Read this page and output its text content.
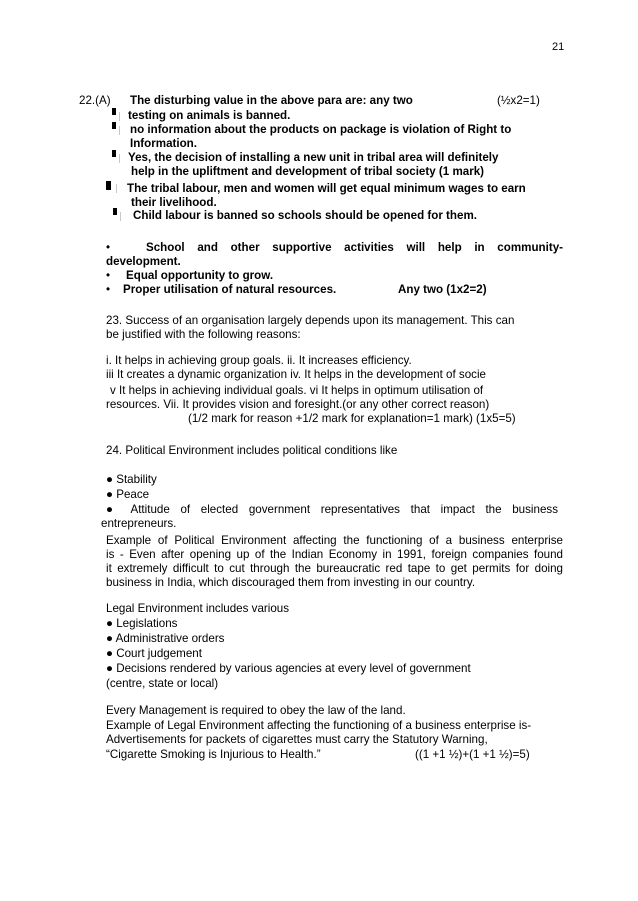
21
22.(A) The disturbing value in the above para are: any two	(½x2=1)
testing on animals is banned.
no information about the products on package is violation of Right to
Information.
Yes, the decision of installing a new unit in tribal area will definitely
help in the upliftment and development of tribal society (1 mark)
The tribal labour, men and women will get equal minimum wages to earn
their livelihood.
Child labour is banned so schools should be opened for them.
•	School and other supportive activities will help in community-
development.
• Equal opportunity to grow.
• Proper utilisation of natural resources.	Any two (1x2=2)
23. Success of an organisation largely depends upon its management. This can
be justified with the following reasons:
i. It helps in achieving group goals. ii. It increases efficiency.
iii It creates a dynamic organization iv. It helps in the development of socie
v It helps in achieving individual goals. vi It helps in optimum utilisation of
resources. Vii. It provides vision and foresight.(or any other correct reason)
(1/2 mark for reason +1/2 mark for explanation=1 mark) (1x5=5)
24. Political Environment includes political conditions like
● Stability
● Peace
● Attitude of elected government representatives that impact the business
entrepreneurs.
Example of Political Environment affecting the functioning of a business enterprise
is - Even after opening up of the Indian Economy in 1991, foreign companies found
it extremely difficult to cut through the bureaucratic red tape to get permits for doing
business in India, which discouraged them from investing in our country.
Legal Environment includes various
● Legislations
● Administrative orders
● Court judgement
● Decisions rendered by various agencies at every level of government
(centre, state or local)
Every Management is required to obey the law of the land.
Example of Legal Environment affecting the functioning of a business enterprise is-
Advertisements for packets of cigarettes must carry the Statutory Warning,
“Cigarette Smoking is Injurious to Health.”	((1 +1 ½)+(1 +1 ½)=5)
